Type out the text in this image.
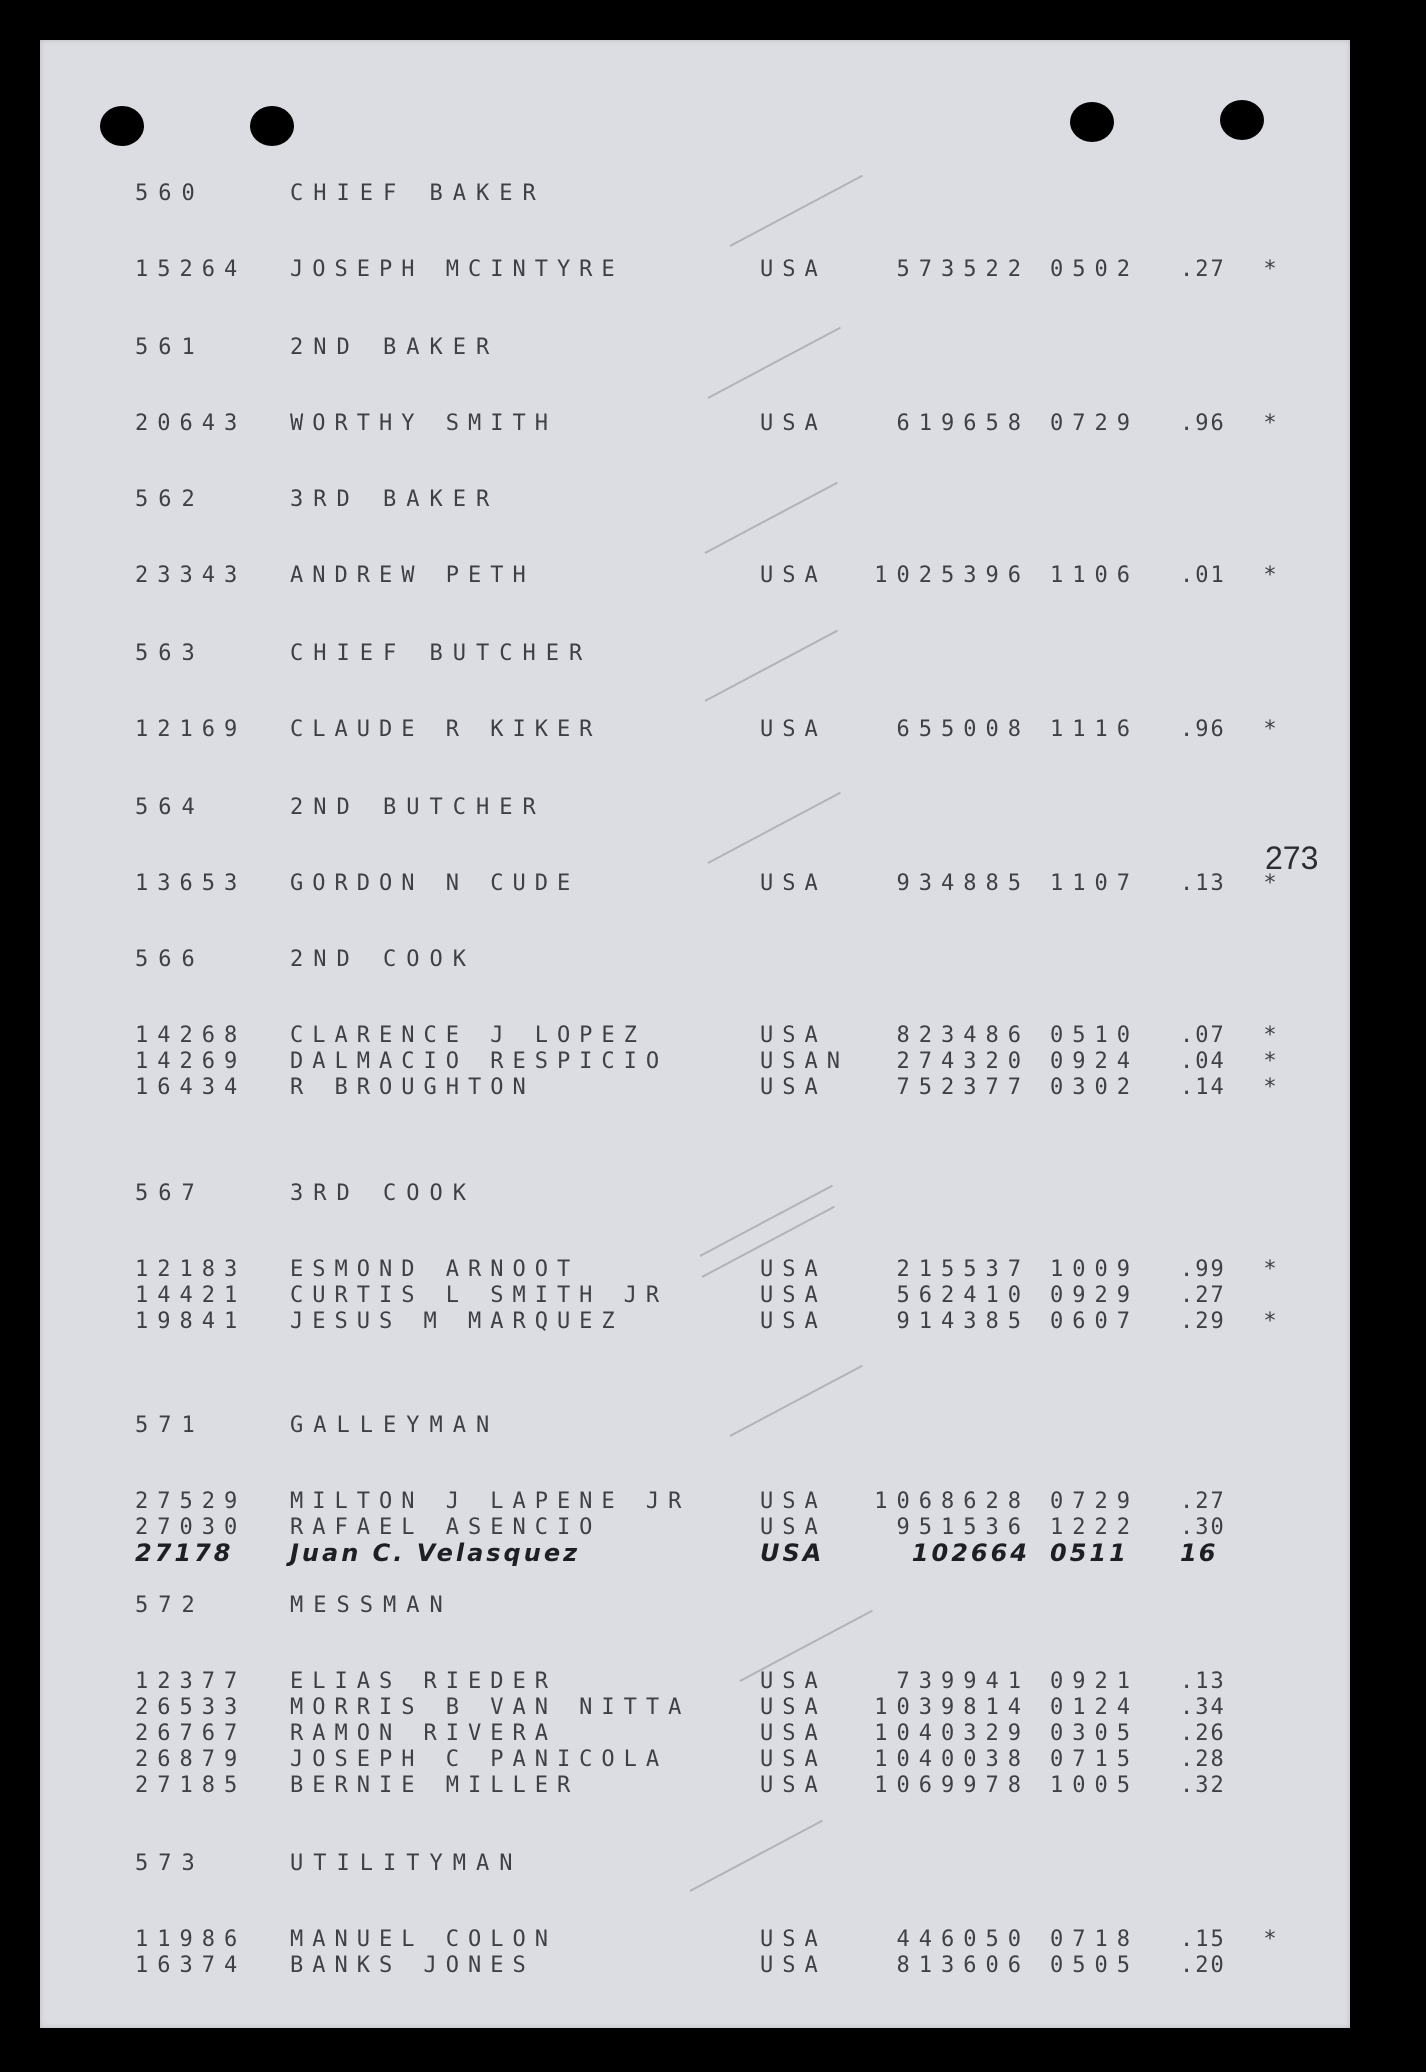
273
560	CHIEF BAKER
15264	JOSEPH MCINTYRE	USA	573522 0502	.27	*
561	2ND BAKER
20643	WORTHY SMITH	USA	619658 0729	.96	*
562	3RD BAKER
23343	ANDREW PETH	USA	1025396 1106	.01	*
563	CHIEF BUTCHER
12169	CLAUDE R KIKER	USA	655008 1116	.96	*
564	2ND BUTCHER
13653	GORDON N CUDE	USA	934885 1107	.13	*
566	2ND COOK
14268	CLARENCE J LOPEZ	USA	823486 0510	.07	*
14269	DALMACIO RESPICIO	USAN	274320 0924	.04	*
16434	R BROUGHTON	USA	752377 0302	.14	*
567	3RD COOK
12183	ESMOND ARNOOT	USA	215537 1009	.99	*
14421	CURTIS L SMITH JR	USA	562410 0929	.27
19841	JESUS M MARQUEZ	USA	914385 0607	.29	*
571	GALLEYMAN
27529	MILTON J LAPENE JR	USA	1068628 0729	.27
27030	RAFAEL ASENCIO	USA	951536 1222	.30
27178	Juan C. Velasquez	USA	102664 0511	16
572	MESSMAN
12377	ELIAS RIEDER	USA	739941 0921	.13
26533	MORRIS B VAN NITTA	USA	1039814 0124	.34
26767	RAMON RIVERA	USA	1040329 0305	.26
26879	JOSEPH C PANICOLA	USA	1040038 0715	.28
27185	BERNIE MILLER	USA	1069978 1005	.32
573	UTILITYMAN
11986	MANUEL COLON	USA	446050 0718	.15	*
16374	BANKS JONES	USA	813606 0505	.20
